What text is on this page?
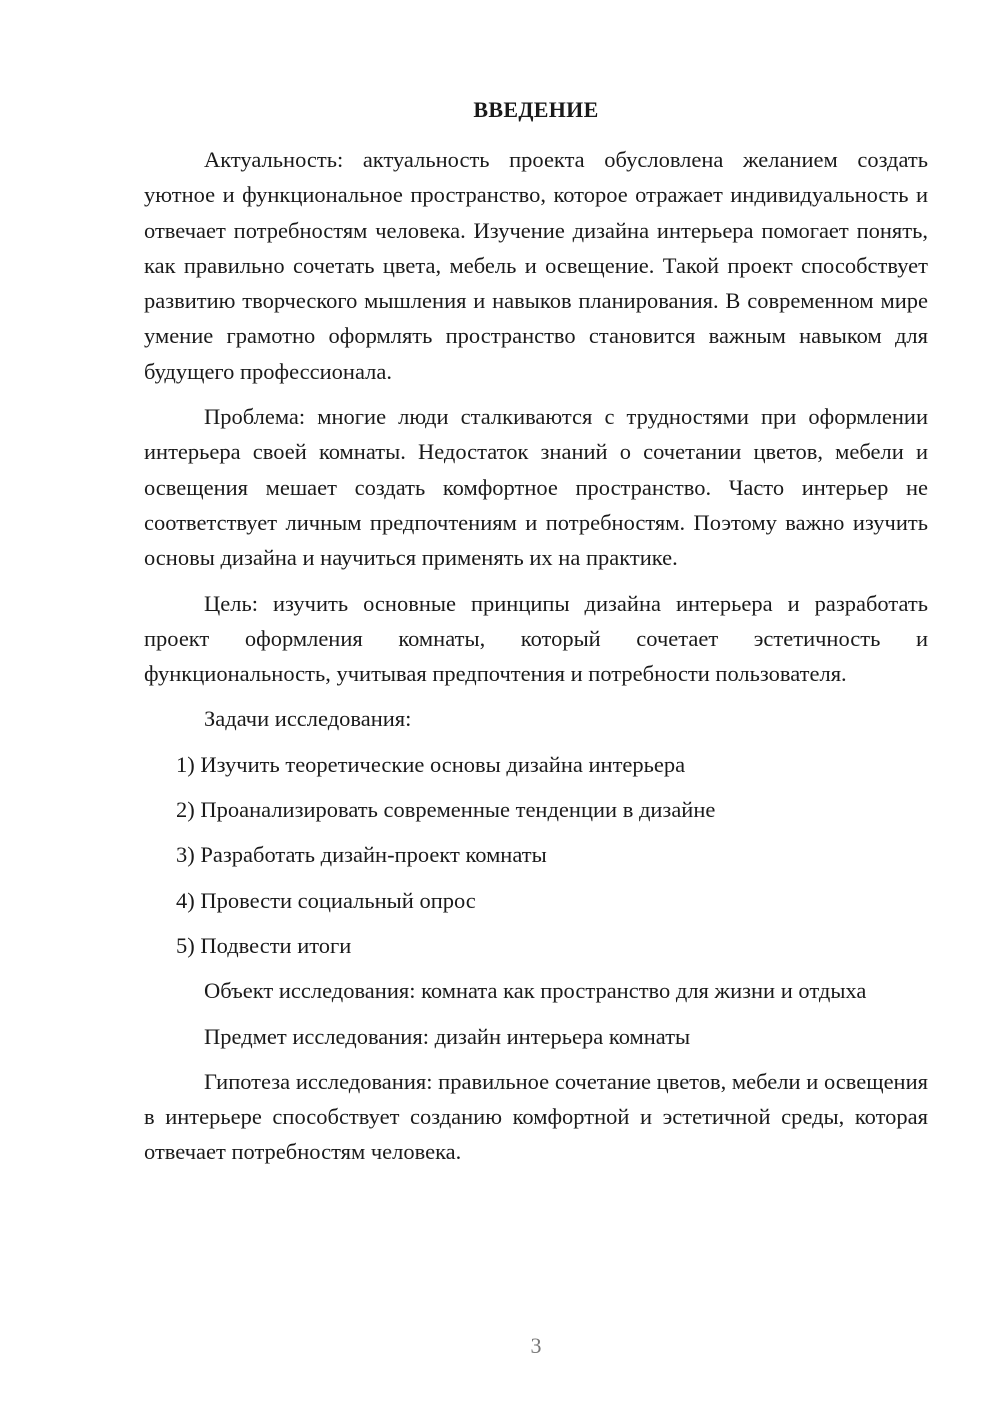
ВВЕДЕНИЕ

Актуальность: актуальность проекта обусловлена желанием создать уютное и функциональное пространство, которое отражает индивидуальность и отвечает потребностям человека. Изучение дизайна интерьера помогает понять, как правильно сочетать цвета, мебель и освещение. Такой проект способствует развитию творческого мышления и навыков планирования. В современном мире умение грамотно оформлять пространство становится важным навыком для будущего профессионала.

Проблема: многие люди сталкиваются с трудностями при оформлении интерьера своей комнаты. Недостаток знаний о сочетании цветов, мебели и освещения мешает создать комфортное пространство. Часто интерьер не соответствует личным предпочтениям и потребностям. Поэтому важно изучить основы дизайна и научиться применять их на практике.

Цель: изучить основные принципы дизайна интерьера и разработать проект оформления комнаты, который сочетает эстетичность и функциональность, учитывая предпочтения и потребности пользователя.

Задачи исследования:

1) Изучить теоретические основы дизайна интерьера
2) Проанализировать современные тенденции в дизайне
3) Разработать дизайн-проект комнаты
4) Провести социальный опрос
5) Подвести итоги

Объект исследования: комната как пространство для жизни и отдыха

Предмет исследования: дизайн интерьера комнаты

Гипотеза исследования: правильное сочетание цветов, мебели и освещения в интерьере способствует созданию комфортной и эстетичной среды, которая отвечает потребностям человека.

3
